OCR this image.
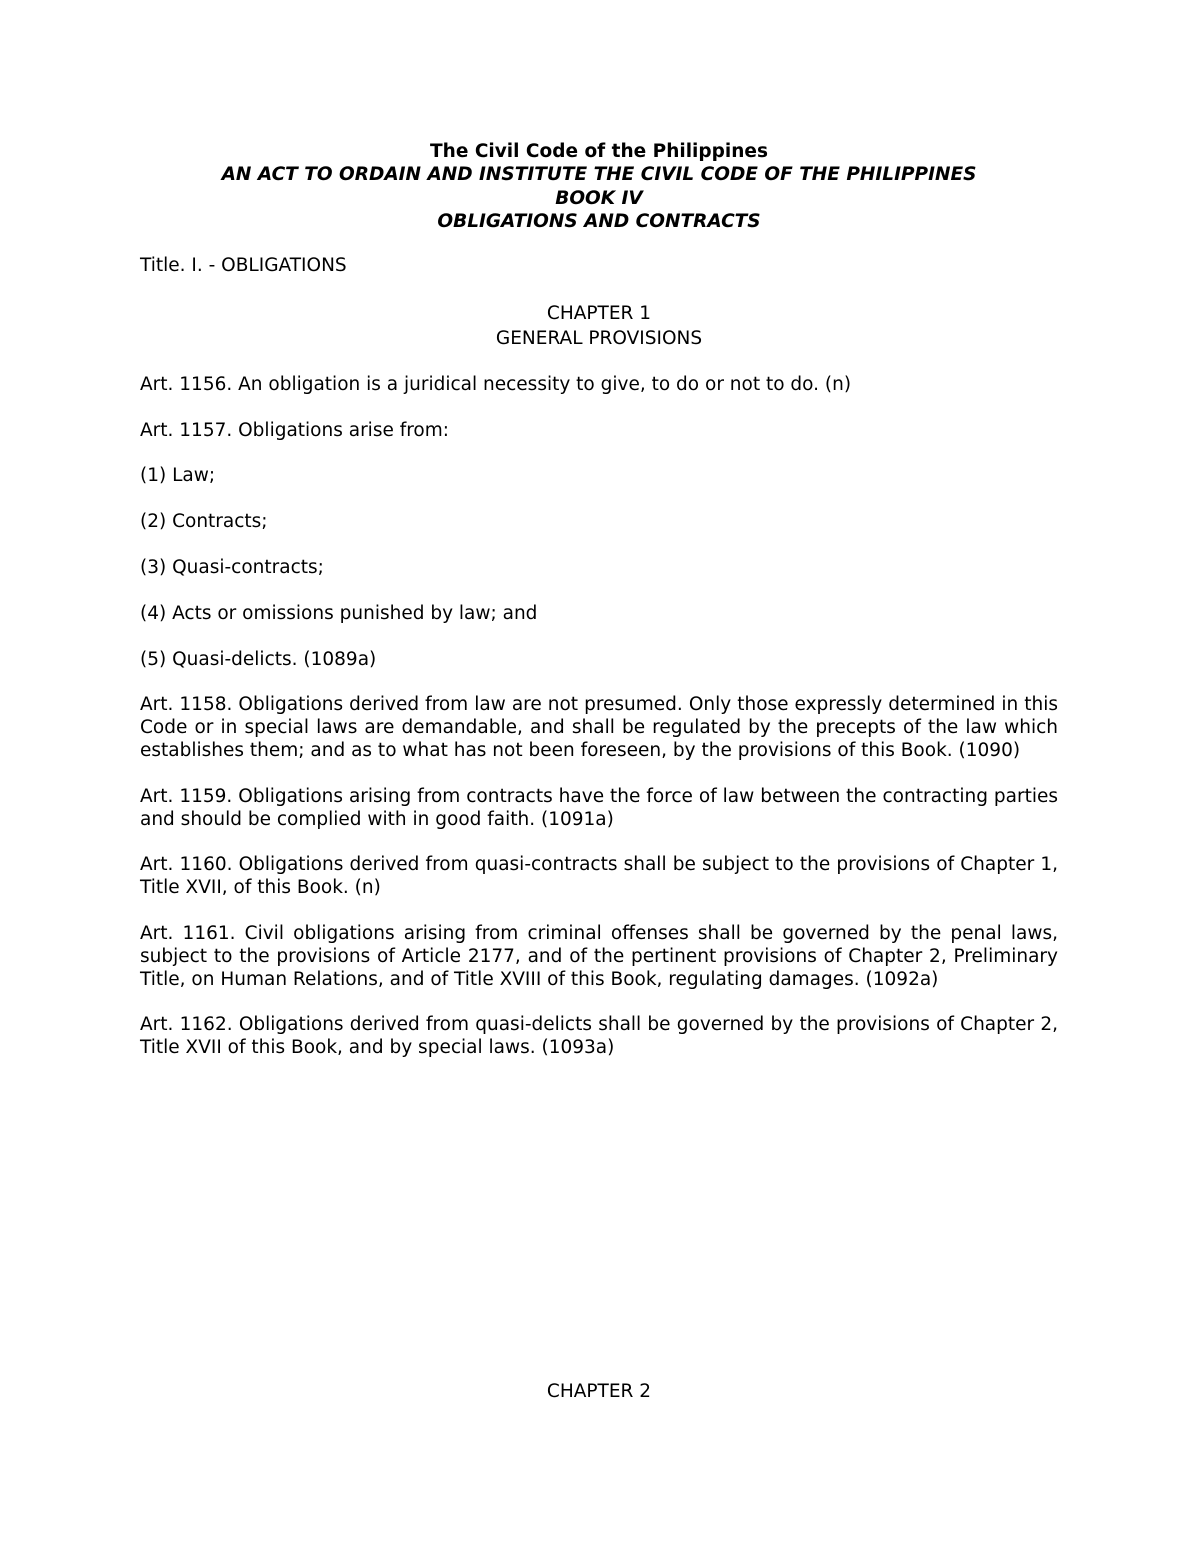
The Civil Code of the Philippines
AN ACT TO ORDAIN AND INSTITUTE THE CIVIL CODE OF THE PHILIPPINES
BOOK IV
OBLIGATIONS AND CONTRACTS
Title. I. - OBLIGATIONS
CHAPTER 1
GENERAL PROVISIONS
Art. 1156. An obligation is a juridical necessity to give, to do or not to do. (n)
Art. 1157. Obligations arise from:
(1) Law;
(2) Contracts;
(3) Quasi-contracts;
(4) Acts or omissions punished by law; and
(5) Quasi-delicts. (1089a)
Art. 1158. Obligations derived from law are not presumed. Only those expressly determined in this Code or in special laws are demandable, and shall be regulated by the precepts of the law which establishes them; and as to what has not been foreseen, by the provisions of this Book. (1090)
Art. 1159. Obligations arising from contracts have the force of law between the contracting parties and should be complied with in good faith. (1091a)
Art. 1160. Obligations derived from quasi-contracts shall be subject to the provisions of Chapter 1, Title XVII, of this Book. (n)
Art. 1161. Civil obligations arising from criminal offenses shall be governed by the penal laws, subject to the provisions of Article 2177, and of the pertinent provisions of Chapter 2, Preliminary Title, on Human Relations, and of Title XVIII of this Book, regulating damages. (1092a)
Art. 1162. Obligations derived from quasi-delicts shall be governed by the provisions of Chapter 2, Title XVII of this Book, and by special laws. (1093a)
CHAPTER 2
